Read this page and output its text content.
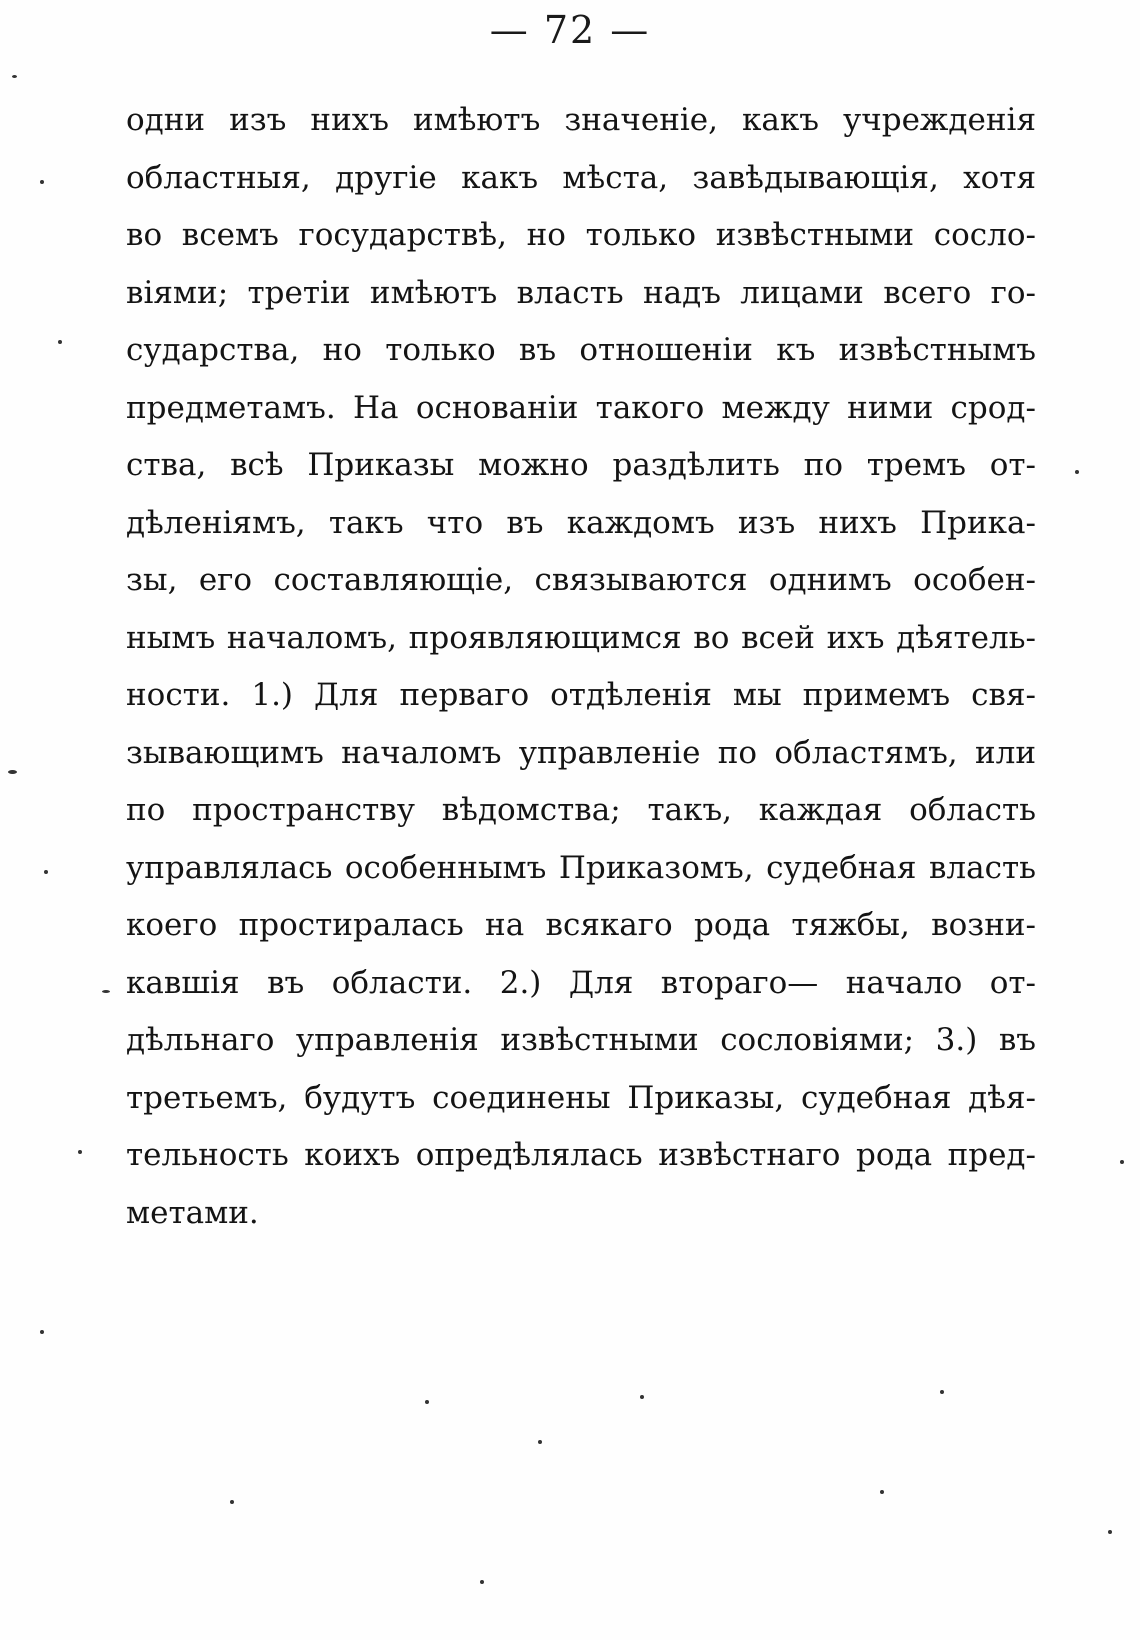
— 72 —
одни изъ нихъ имѣютъ значеніе, какъ учрежденія
областныя, другіе какъ мѣста, завѣдывающія, хотя
во всемъ государствѣ, но только извѣстными сосло-
віями; третіи имѣютъ власть надъ лицами всего го-
сударства, но только въ отношеніи къ извѣстнымъ
предметамъ. На основаніи такого между ними срод-
ства, всѣ Приказы можно раздѣлить по тремъ от-
дѣленіямъ, такъ что въ каждомъ изъ нихъ Прика-
зы, его составляющіе, связываются однимъ особен-
нымъ началомъ, проявляющимся во всей ихъ дѣятель-
ности. 1.) Для перваго отдѣленія мы примемъ свя-
зывающимъ началомъ управленіе по областямъ, или
по пространству вѣдомства; такъ, каждая область
управлялась особеннымъ Приказомъ, судебная власть
коего простиралась на всякаго рода тяжбы, возни-
кавшія въ области. 2.) Для втораго— начало от-
дѣльнаго управленія извѣстными сословіями; 3.) въ
третьемъ, будутъ соединены Приказы, судебная дѣя-
тельность коихъ опредѣлялась извѣстнаго рода пред-
метами.
